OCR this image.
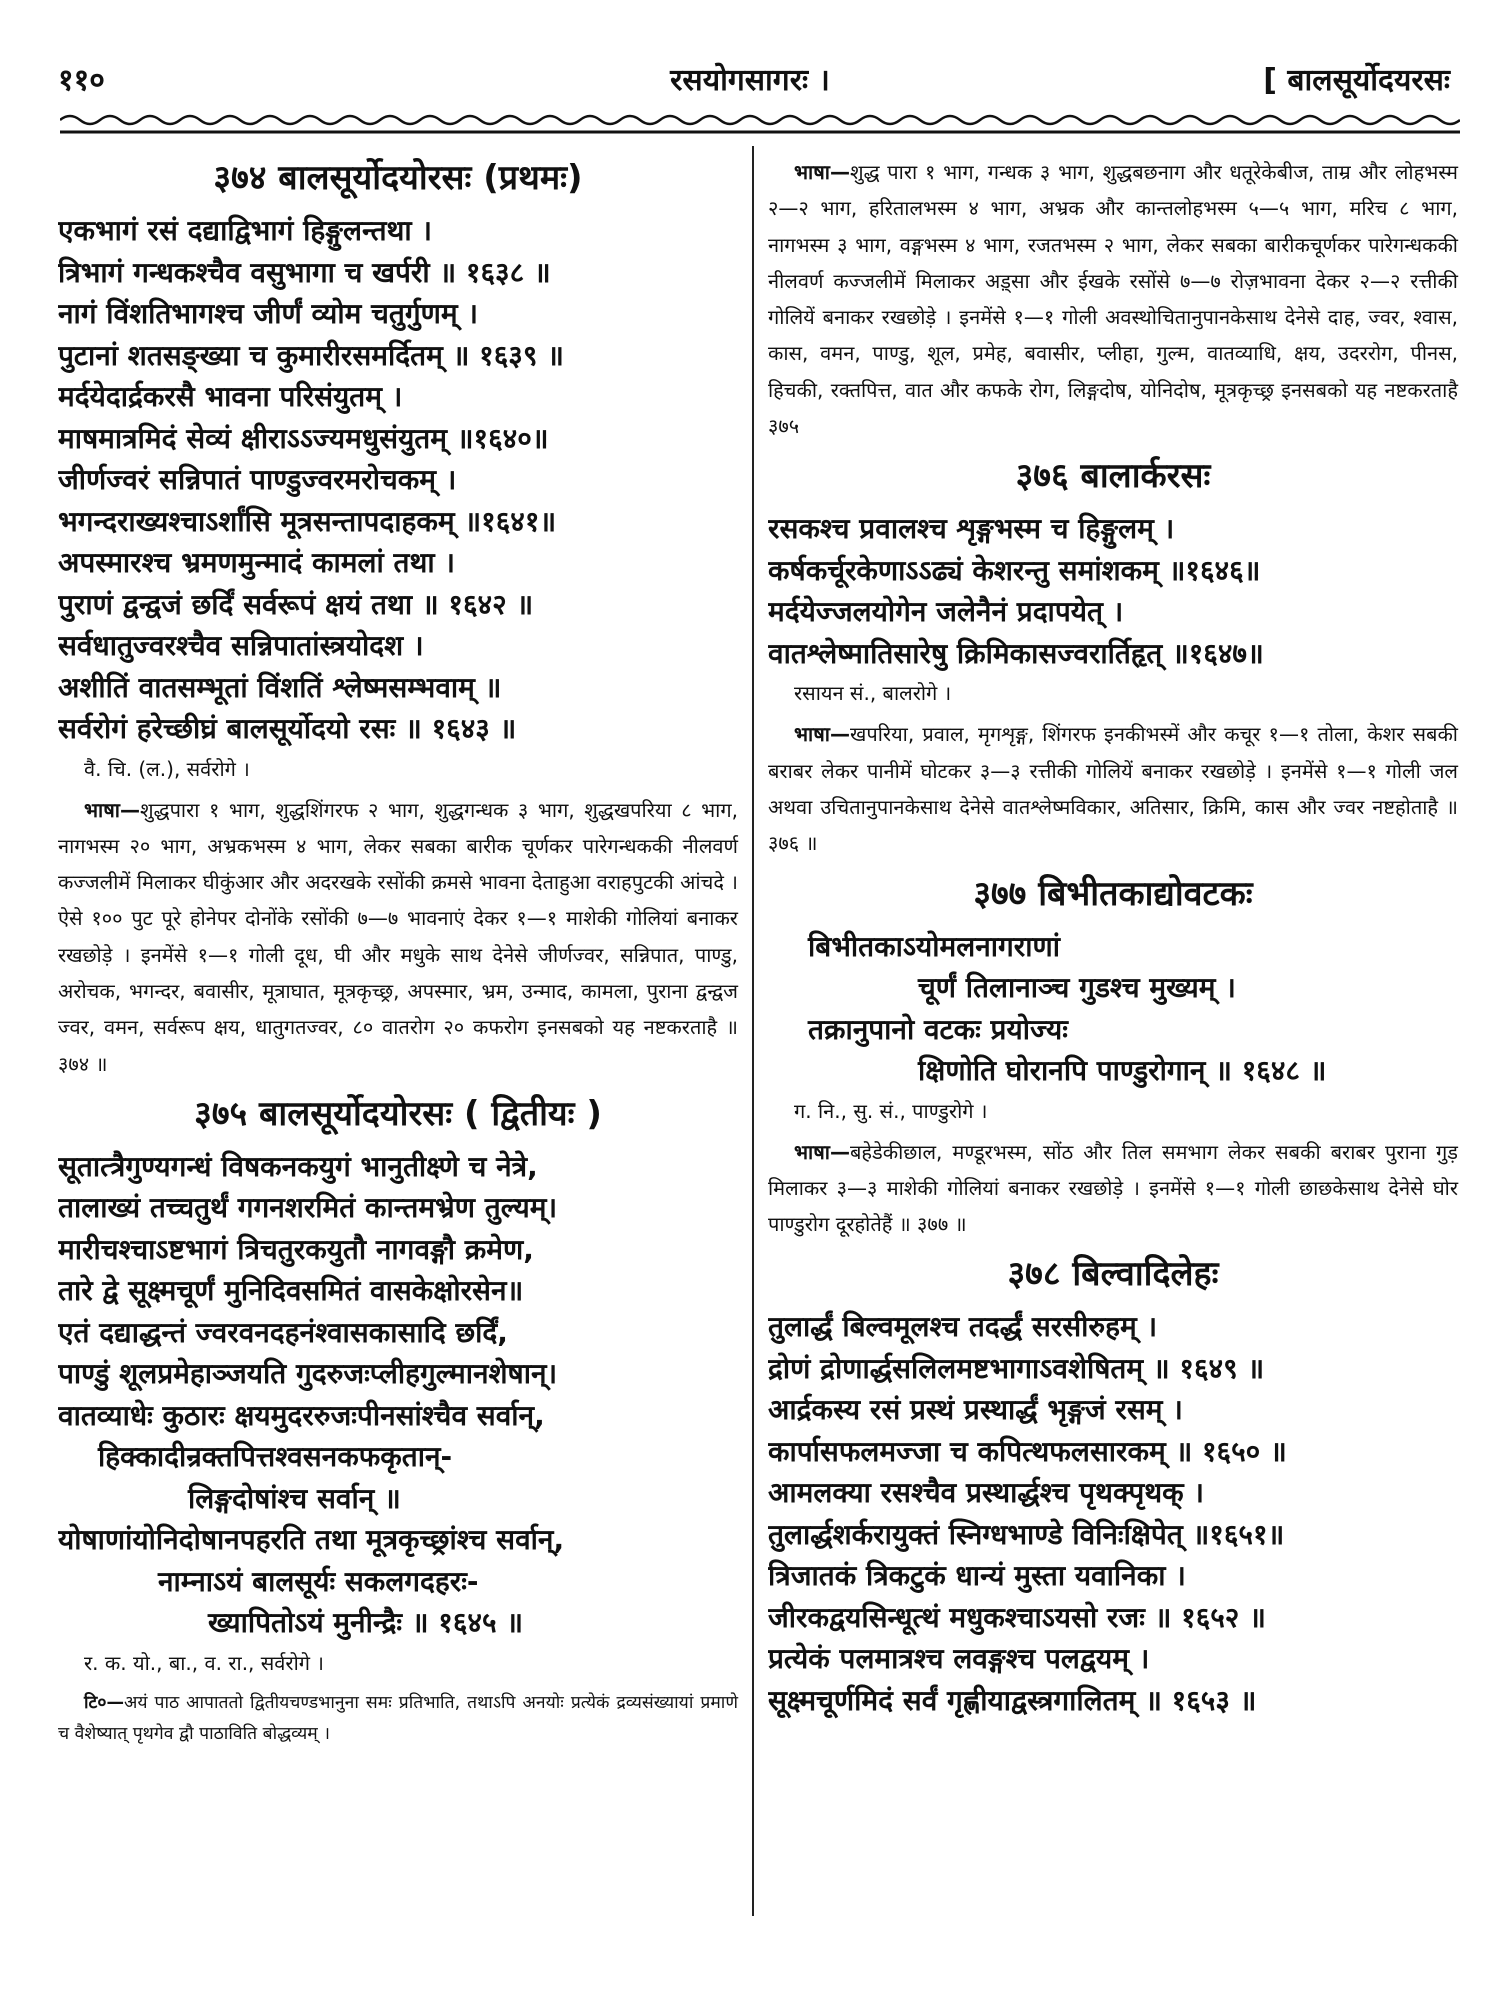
११०	रसयोगसागरः ।	[ बालसूर्योदयरसः
३७४ बालसूर्योदयोरसः (प्रथमः)
एकभागं रसं दद्याद्विभागं हिङ्गुलन्तथा ।
त्रिभागं गन्धकश्चैव वसुभागा च खर्परी ॥ १६३८ ॥
नागं विंशतिभागश्च जीर्णं व्योम चतुर्गुणम् ।
पुटानां शतसङ्ख्या च कुमारीरसमर्दितम् ॥ १६३९ ॥
मर्दयेदार्द्रकरसै भावना परिसंयुतम् ।
माषमात्रमिदं सेव्यं क्षीराऽऽज्यमधुसंयुतम् ॥१६४०॥
जीर्णज्वरं सन्निपातं पाण्डुज्वरमरोचकम् ।
भगन्दराख्यश्चाऽर्शांसि मूत्रसन्तापदाहकम् ॥१६४१॥
अपस्मारश्च भ्रमणमुन्मादं कामलां तथा ।
पुराणं द्वन्द्वजं छर्दिं सर्वरूपं क्षयं तथा ॥ १६४२ ॥
सर्वधातुज्वरश्चैव सन्निपातांस्त्रयोदश ।
अशीतिं वातसम्भूतां विंशतिं श्लेष्मसम्भवाम् ॥
सर्वरोगं हरेच्छीघ्रं बालसूर्योदयो रसः ॥ १६४३ ॥
वै. चि. (ल.), सर्वरोगे ।
भाषा—शुद्धपारा १ भाग, शुद्धशिंगरफ २ भाग, शुद्धगन्धक ३ भाग, शुद्धखपरिया ८ भाग, नागभस्म २० भाग, अभ्रकभस्म ४ भाग, लेकर सबका बारीक चूर्णकर पारेगन्धककी नीलवर्ण कज्जलीमें मिलाकर घीकुंआर और अदरखके रसोंकी क्रमसे भावना देताहुआ वराहपुटकी आंचदे । ऐसे १०० पुट पूरे होनेपर दोनोंके रसोंकी ७—७ भावनाएं देकर १—१ माशेकी गोलियां बनाकर रखछोड़े । इनमेंसे १—१ गोली दूध, घी और मधुके साथ देनेसे जीर्णज्वर, सन्निपात, पाण्डु, अरोचक, भगन्दर, बवासीर, मूत्राघात, मूत्रकृच्छ्र, अपस्मार, भ्रम, उन्माद, कामला, पुराना द्वन्द्वज ज्वर, वमन, सर्वरूप क्षय, धातुगतज्वर, ८० वातरोग २० कफरोग इनसबको यह नष्टकरताहै ॥ ३७४ ॥
३७५ बालसूर्योदयोरसः ( द्वितीयः )
सूतात्त्रैगुण्यगन्धं विषकनकयुगं भानुतीक्ष्णे च नेत्रे,
तालाख्यं तच्चतुर्थं गगनशरमितं कान्तमभ्रेण तुल्यम्।
मारीचश्चाऽष्टभागं त्रिचतुरकयुतौ नागवङ्गौ क्रमेण,
तारे द्वे सूक्ष्मचूर्णं मुनिदिवसमितं वासकेक्षोरसेन॥
एतं दद्याद्धन्तं ज्वरवनदहनंश्वासकासादि छर्दिं,
पाण्डुं शूलप्रमेहाञ्जयति गुदरुजःप्लीहगुल्मानशेषान्।
वातव्याधेः कुठारः क्षयमुदररुजःपीनसांश्चैव सर्वान्,
हिक्कादीन्रक्तपित्तश्वसनकफकृतान्-
लिङ्गदोषांश्च सर्वान् ॥
योषाणांयोनिदोषानपहरति तथा मूत्रकृच्छ्रांश्च सर्वान्,
नाम्नाऽयं बालसूर्यः सकलगदहरः-
ख्यापितोऽयं मुनीन्द्रैः ॥ १६४५ ॥
र. क. यो., बा., व. रा., सर्वरोगे ।
टि०—अयं पाठ आपाततो द्वितीयचण्डभानुना समः प्रतिभाति, तथाऽपि अनयोः प्रत्येकं द्रव्यसंख्यायां प्रमाणे च वैशेष्यात् पृथगेव द्वौ पाठाविति बोद्धव्यम् ।
भाषा—शुद्ध पारा १ भाग, गन्धक ३ भाग, शुद्धबछनाग और धतूरेकेबीज, ताम्र और लोहभस्म २—२ भाग, हरितालभस्म ४ भाग, अभ्रक और कान्तलोहभस्म ५—५ भाग, मरिच ८ भाग, नागभस्म ३ भाग, वङ्गभस्म ४ भाग, रजतभस्म २ भाग, लेकर सबका बारीकचूर्णकर पारेगन्धककी नीलवर्ण कज्जलीमें मिलाकर अड़्सा और ईखके रसोंसे ७—७ रोज़भावना देकर २—२ रत्तीकी गोलियें बनाकर रखछोड़े । इनमेंसे १—१ गोली अवस्थोचितानुपानकेसाथ देनेसे दाह, ज्वर, श्वास, कास, वमन, पाण्डु, शूल, प्रमेह, बवासीर, प्लीहा, गुल्म, वातव्याधि, क्षय, उदररोग, पीनस, हिचकी, रक्तपित्त, वात और कफके रोग, लिङ्गदोष, योनिदोष, मूत्रकृच्छ्र इनसबको यह नष्टकरताहै ३७५
३७६ बालार्करसः
रसकश्च प्रवालश्च शृङ्गभस्म च हिङ्गुलम् ।
कर्षकर्चूरकेणाऽऽढ्यं केशरन्तु समांशकम् ॥१६४६॥
मर्दयेज्जलयोगेन जलेनैनं प्रदापयेत् ।
वातश्लेष्मातिसारेषु क्रिमिकासज्वरार्तिहृत् ॥१६४७॥
रसायन सं., बालरोगे ।
भाषा—खपरिया, प्रवाल, मृगशृङ्ग, शिंगरफ इनकीभस्में और कचूर १—१ तोला, केशर सबकी बराबर लेकर पानीमें घोटकर ३—३ रत्तीकी गोलियें बनाकर रखछोड़े । इनमेंसे १—१ गोली जल अथवा उचितानुपानकेसाथ देनेसे वातश्लेष्मविकार, अतिसार, क्रिमि, कास और ज्वर नष्टहोताहै ॥ ३७६ ॥
३७७ बिभीतकाद्योवटकः
बिभीतकाऽयोमलनागराणां
चूर्णं तिलानाञ्च गुडश्च मुख्यम् ।
तक्रानुपानो वटकः प्रयोज्यः
क्षिणोति घोरानपि पाण्डुरोगान् ॥ १६४८ ॥
ग. नि., सु. सं., पाण्डुरोगे ।
भाषा—बहेडेकीछाल, मण्डूरभस्म, सोंठ और तिल समभाग लेकर सबकी बराबर पुराना गुड़ मिलाकर ३—३ माशेकी गोलियां बनाकर रखछोड़े । इनमेंसे १—१ गोली छाछकेसाथ देनेसे घोर पाण्डुरोग दूरहोतेहैं ॥ ३७७ ॥
३७८ बिल्वादिलेहः
तुलार्द्धं बिल्वमूलश्च तदर्द्धं सरसीरुहम् ।
द्रोणं द्रोणार्द्धसलिलमष्टभागाऽवशेषितम् ॥ १६४९ ॥
आर्द्रकस्य रसं प्रस्थं प्रस्थार्द्धं भृङ्गजं रसम् ।
कार्पासफलमज्जा च कपित्थफलसारकम् ॥ १६५० ॥
आमलक्या रसश्चैव प्रस्थार्द्धश्च पृथक्पृथक् ।
तुलार्द्धशर्करायुक्तं स्निग्धभाण्डे विनिःक्षिपेत् ॥१६५१॥
त्रिजातकं त्रिकटुकं धान्यं मुस्ता यवानिका ।
जीरकद्वयसिन्धूत्थं मधुकश्चाऽयसो रजः ॥ १६५२ ॥
प्रत्येकं पलमात्रश्च लवङ्गश्च पलद्वयम् ।
सूक्ष्मचूर्णमिदं सर्वं गृह्णीयाद्वस्त्रगालितम् ॥ १६५३ ॥
